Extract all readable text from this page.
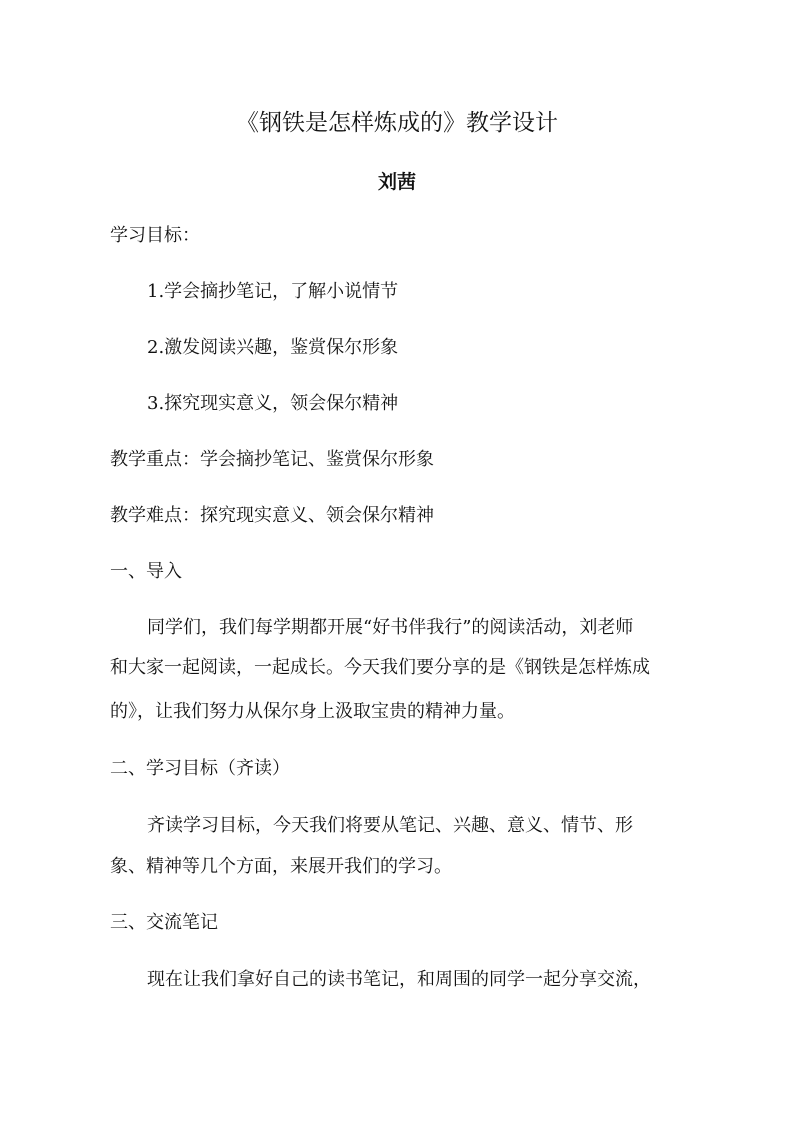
《钢铁是怎样炼成的》教学设计
刘茜
学习目标：
1.学会摘抄笔记，了解小说情节
2.激发阅读兴趣，鉴赏保尔形象
3.探究现实意义，领会保尔精神
教学重点：学会摘抄笔记、鉴赏保尔形象
教学难点：探究现实意义、领会保尔精神
一、导入
同学们，我们每学期都开展“好书伴我行”的阅读活动，刘老师
和大家一起阅读，一起成长。今天我们要分享的是《钢铁是怎样炼成
的》，让我们努力从保尔身上汲取宝贵的精神力量。
二、学习目标（齐读）
齐读学习目标，今天我们将要从笔记、兴趣、意义、情节、形
象、精神等几个方面，来展开我们的学习。
三、交流笔记
现在让我们拿好自己的读书笔记，和周围的同学一起分享交流，
